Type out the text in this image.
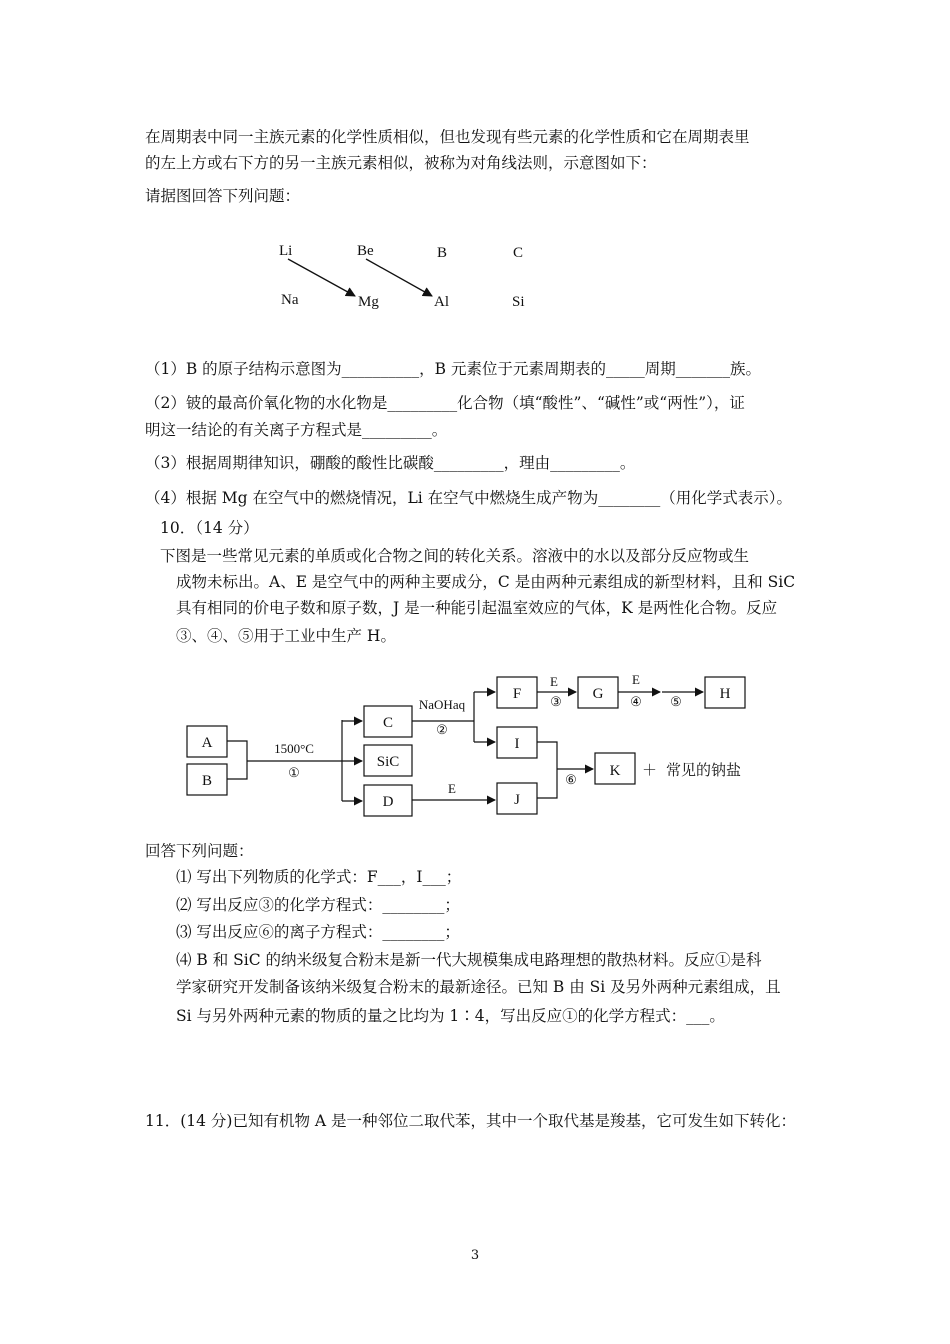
在周期表中同一主族元素的化学性质相似，但也发现有些元素的化学性质和它在周期表里
的左上方或右下方的另一主族元素相似，被称为对角线法则，示意图如下：
请据图回答下列问题：
Li	Be	B	C
Na	Mg	Al	Si
（1）B 的原子结构示意图为__________，B 元素位于元素周期表的_____周期_______族。
（2）铍的最高价氧化物的水化物是_________化合物（填“酸性”、“碱性”或“两性”），证
明这一结论的有关离子方程式是_________。
（3）根据周期律知识，硼酸的酸性比碳酸_________，理由_________。
（4）根据 Mg 在空气中的燃烧情况，Li 在空气中燃烧生成产物为________（用化学式表示）。
10．（14 分）
下图是一些常见元素的单质或化合物之间的转化关系。溶液中的水以及部分反应物或生
成物未标出。A、E 是空气中的两种主要成分，C 是由两种元素组成的新型材料，且和 SiC
具有相同的价电子数和原子数，J 是一种能引起温室效应的气体，K 是两性化合物。反应
③、④、⑤用于工业中生产 H。
A
B
C
SiC
D
F	G	H
I
J
K
1500°C
①
NaOHaq
②
E
③
E
④ ⑤
E
⑥
＋ 常见的钠盐
回答下列问题：
⑴ 写出下列物质的化学式：F___，I___；
⑵ 写出反应③的化学方程式：________；
⑶ 写出反应⑥的离子方程式：________；
⑷ B 和 SiC 的纳米级复合粉末是新一代大规模集成电路理想的散热材料。反应①是科
学家研究开发制备该纳米级复合粉末的最新途径。已知 B 由 Si 及另外两种元素组成，且
Si 与另外两种元素的物质的量之比均为 1∶4，写出反应①的化学方程式：___。
11．(14 分)已知有机物 A 是一种邻位二取代苯，其中一个取代基是羧基，它可发生如下转化：
3
